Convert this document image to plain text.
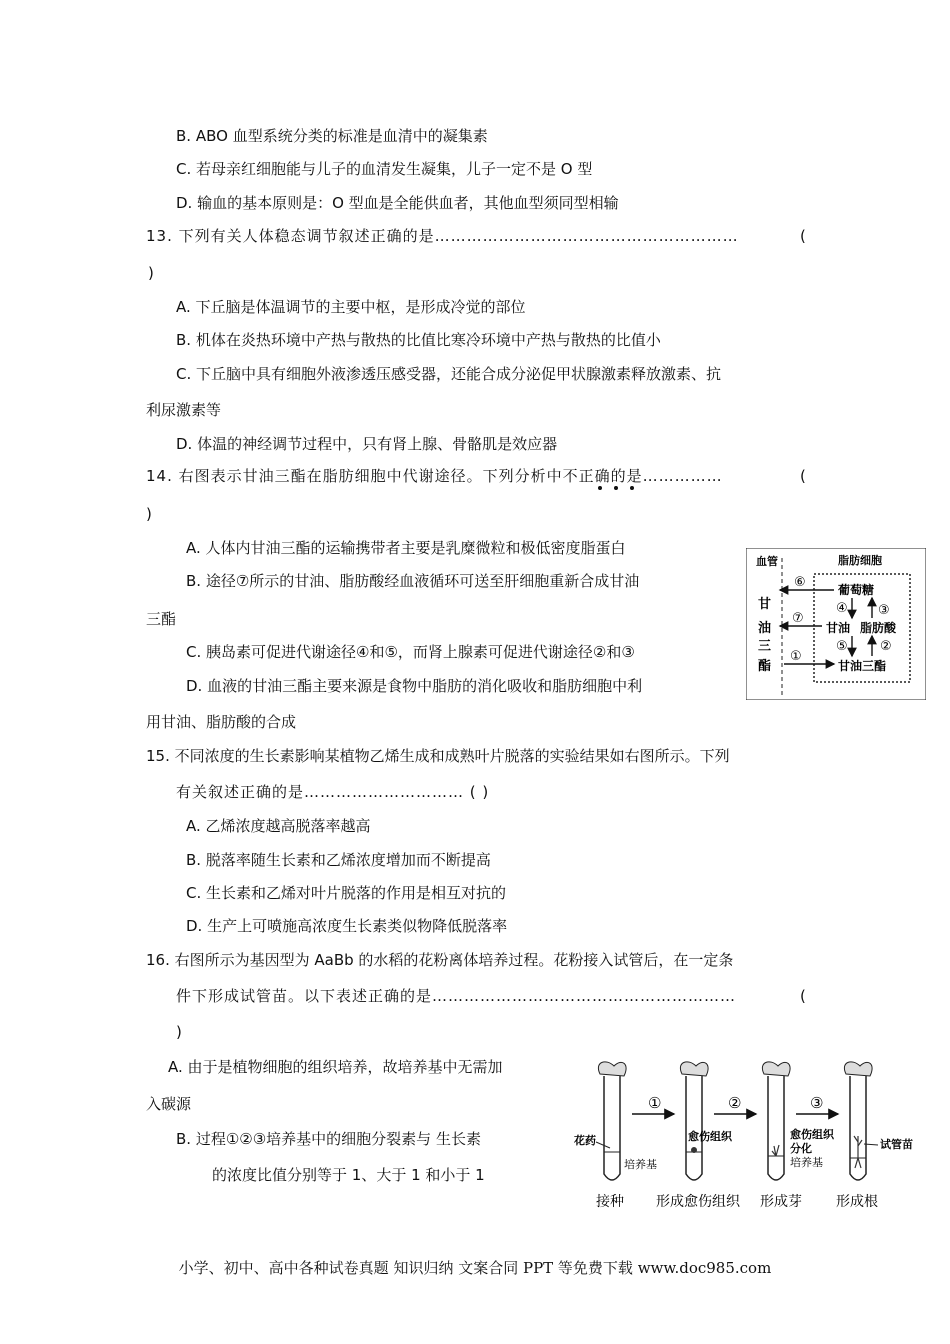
B. ABO 血型系统分类的标准是血清中的凝集素
C. 若母亲红细胞能与儿子的血清发生凝集，儿子一定不是 O 型
D. 输血的基本原则是：O 型血是全能供血者，其他血型须同型相输
13. 下列有关人体稳态调节叙述正确的是…………………………………………………	(
)
A. 下丘脑是体温调节的主要中枢，是形成冷觉的部位
B. 机体在炎热环境中产热与散热的比值比寒冷环境中产热与散热的比值小
C. 下丘脑中具有细胞外液渗透压感受器，还能合成分泌促甲状腺激素释放激素、抗
利尿激素等
D. 体温的神经调节过程中，只有肾上腺、骨骼肌是效应器
14. 右图表示甘油三酯在脂肪细胞中代谢途径。下列分析中不正确的是……………	(
)
A. 人体内甘油三酯的运输携带者主要是乳糜微粒和极低密度脂蛋白
B. 途径⑦所示的甘油、脂肪酸经血液循环可送至肝细胞重新合成甘油
三酯
C. 胰岛素可促进代谢途径④和⑤，而肾上腺素可促进代谢途径②和③
D. 血液的甘油三酯主要来源是食物中脂肪的消化吸收和脂肪细胞中利
用甘油、脂肪酸的合成
血管	脂肪细胞
甘
油
三
酯
葡萄糖
甘油 脂肪酸
甘油三酯
⑥
⑦
①
④ ③
⑤ ②
15. 不同浓度的生长素影响某植物乙烯生成和成熟叶片脱落的实验结果如右图所示。下列
有关叙述正确的是………………………… ( )
A. 乙烯浓度越高脱落率越高
B. 脱落率随生长素和乙烯浓度增加而不断提高
C. 生长素和乙烯对叶片脱落的作用是相互对抗的
D. 生产上可喷施高浓度生长素类似物降低脱落率
16. 右图所示为基因型为 AaBb 的水稻的花粉离体培养过程。花粉接入试管后，在一定条
件下形成试管苗。以下表述正确的是…………………………………………………	(
)
A. 由于是植物细胞的组织培养，故培养基中无需加
入碳源
B. 过程①②③培养基中的细胞分裂素与 生长素
的浓度比值分别等于 1、大于 1 和小于 1
花药
培养基
①
愈伤组织
②
愈伤组织
分化
培养基
③
试管苗
接种 形成愈伤组织 形成芽 形成根
小学、初中、高中各种试卷真题 知识归纳 文案合同 PPT 等免费下载 www.doc985.com
